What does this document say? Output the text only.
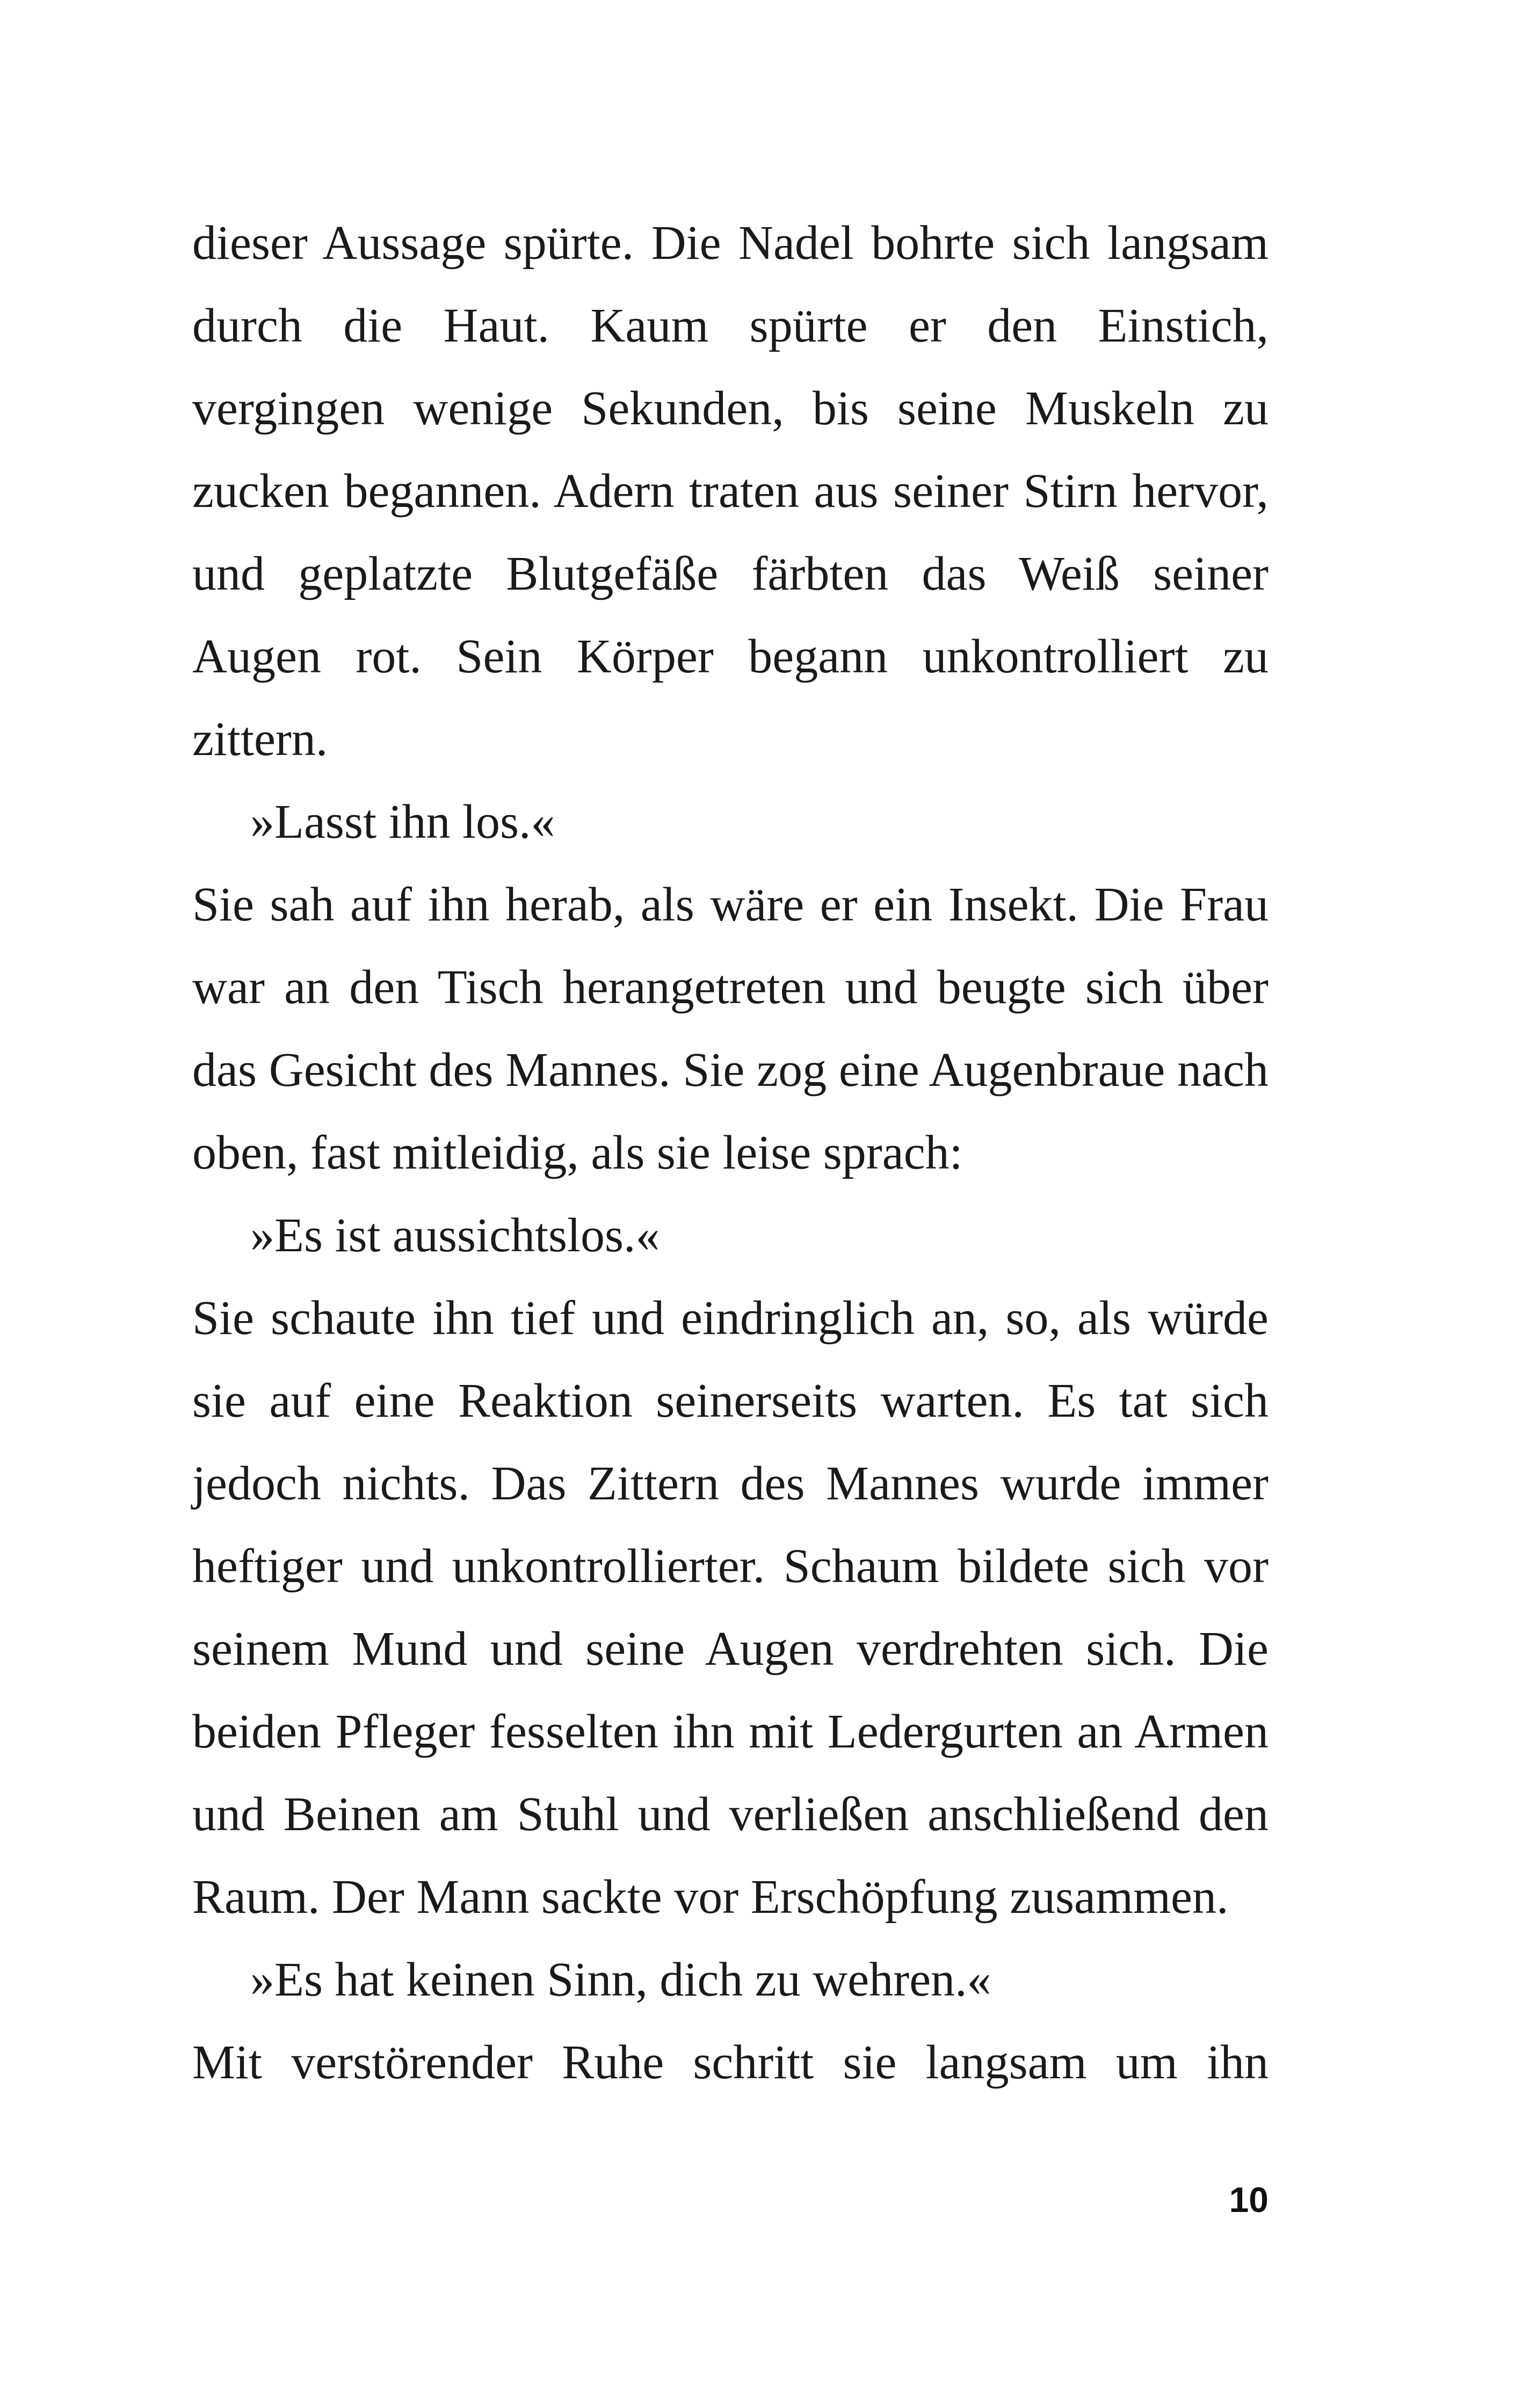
dieser Aussage spürte. Die Nadel bohrte sich langsam durch die Haut. Kaum spürte er den Einstich, vergingen wenige Sekunden, bis seine Muskeln zu zucken begannen. Adern traten aus seiner Stirn hervor, und geplatzte Blutgefäße färbten das Weiß seiner Augen rot. Sein Körper begann unkontrolliert zu zittern.

»Lasst ihn los.«

Sie sah auf ihn herab, als wäre er ein Insekt. Die Frau war an den Tisch herangetreten und beugte sich über das Gesicht des Mannes. Sie zog eine Augenbraue nach oben, fast mitleidig, als sie leise sprach:

»Es ist aussichtslos.«

Sie schaute ihn tief und eindringlich an, so, als würde sie auf eine Reaktion seinerseits warten. Es tat sich jedoch nichts. Das Zittern des Mannes wurde immer heftiger und unkontrollierter. Schaum bildete sich vor seinem Mund und seine Augen verdrehten sich. Die beiden Pfleger fesselten ihn mit Ledergurten an Armen und Beinen am Stuhl und verließen anschließend den Raum. Der Mann sackte vor Erschöpfung zusammen.

»Es hat keinen Sinn, dich zu wehren.«

Mit verstörender Ruhe schritt sie langsam um ihn

10
